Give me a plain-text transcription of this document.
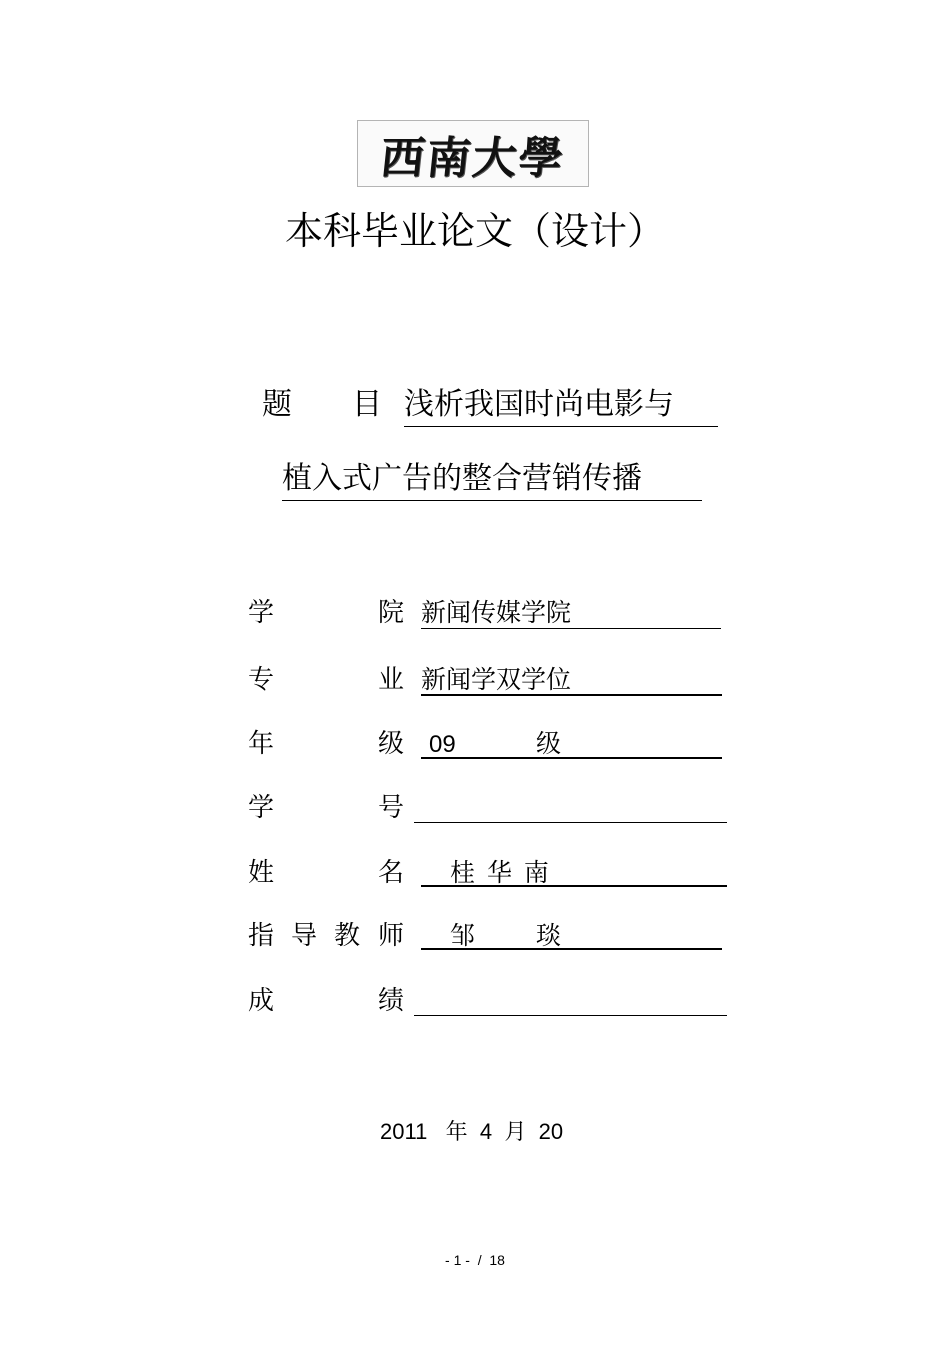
西南大學
本科毕业论文（设计）
题 目 浅析我国时尚电影与
植入式广告的整合营销传播
学	院 新闻传媒学院
专	业 新闻学双学位
年	级 09	级
学	号
姓	名 桂 华 南
指 导 教 师 邹 琰
成	绩
2011 年 4 月 20
- 1 -  /  18
